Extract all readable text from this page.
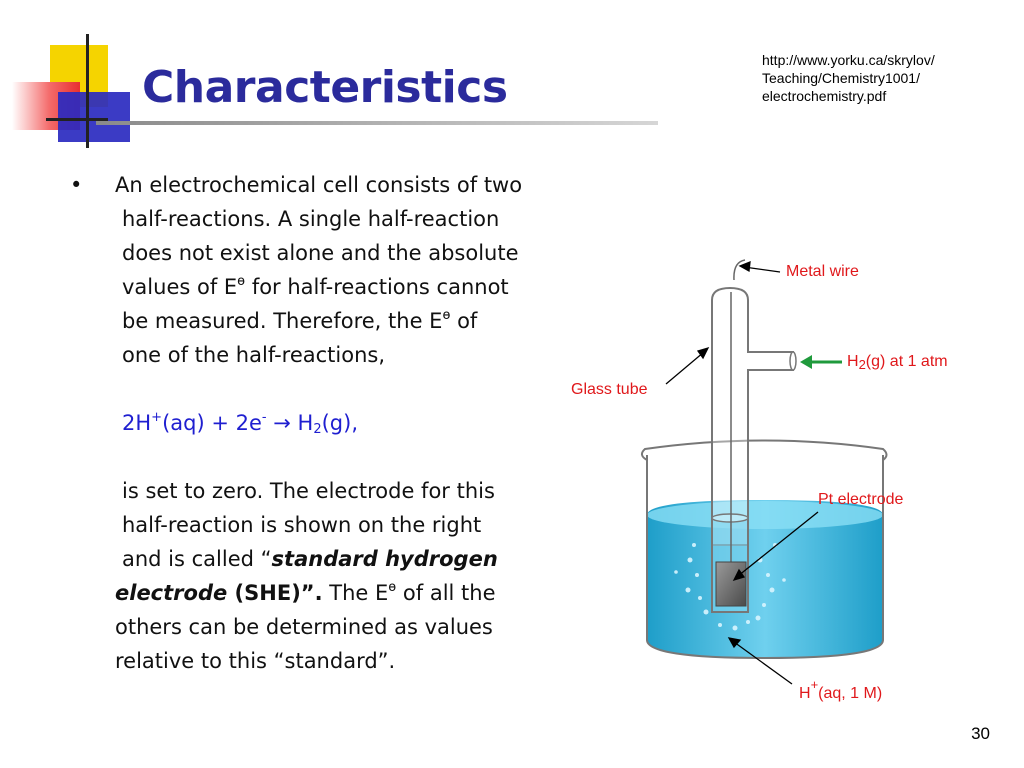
Characteristics
http://www.yorku.ca/skrylov/
Teaching/Chemistry1001/
electrochemistry.pdf
• An electrochemical cell consists of two
half-reactions. A single half-reaction
does not exist alone and the absolute
values of $E^ɵ$ for half-reactions cannot
be measured. Therefore, the $E^ɵ$ of
one of the half-reactions,
$2H^+(aq) + 2e^- \to H_2(g)$,
is set to zero. The electrode for this
half-reaction is shown on the right
and is called “standard hydrogen
electrode (SHE)”. The $E^ɵ$ of all the
others can be determined as values
relative to this “standard”.
Metal wire
$H_2(g)$ at 1 atm
Glass tube
Pt electrode
H+(aq, 1 M)
30
